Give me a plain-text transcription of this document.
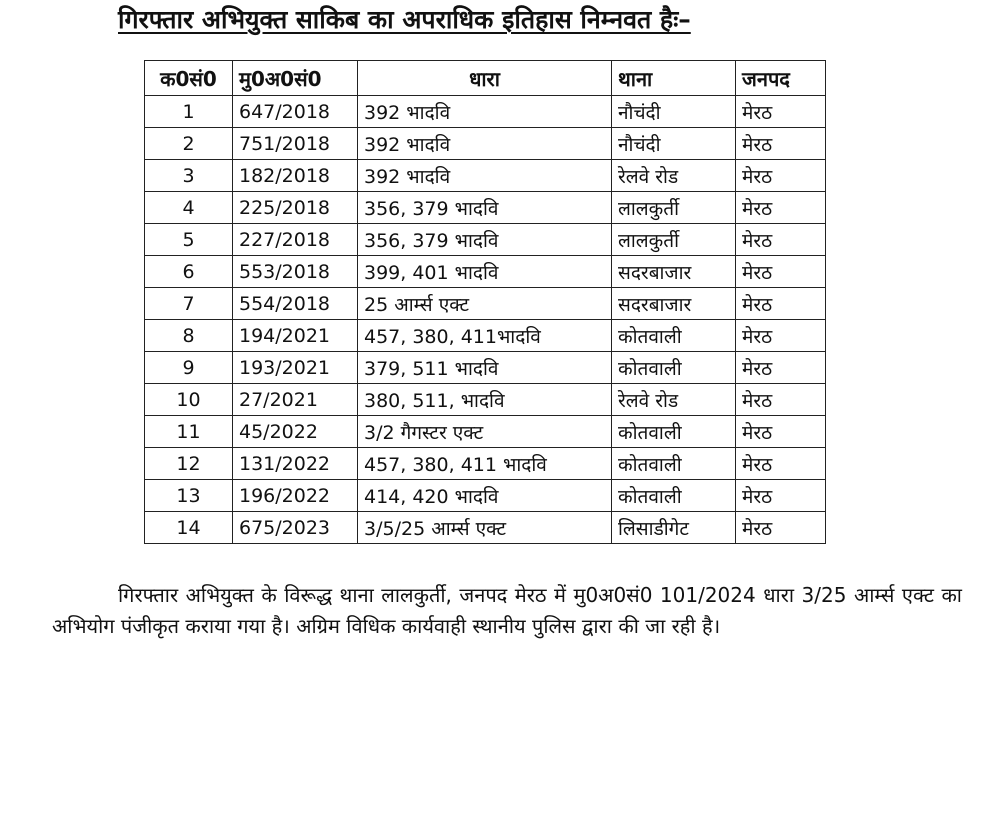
गिरफ्तार अभियुक्त साकिब का अपराधिक इतिहास निम्नवत हैः–
क0सं0	मु0अ0सं0	धारा	थाना	जनपद
1	647/2018	392 भादवि	नौचंदी	मेरठ
2	751/2018	392 भादवि	नौचंदी	मेरठ
3	182/2018	392 भादवि	रेलवे रोड	मेरठ
4	225/2018	356, 379 भादवि	लालकुर्ती	मेरठ
5	227/2018	356, 379 भादवि	लालकुर्ती	मेरठ
6	553/2018	399, 401 भादवि	सदरबाजार	मेरठ
7	554/2018	25 आर्म्स एक्ट	सदरबाजार	मेरठ
8	194/2021	457, 380, 411भादवि	कोतवाली	मेरठ
9	193/2021	379, 511 भादवि	कोतवाली	मेरठ
10	27/2021	380, 511, भादवि	रेलवे रोड	मेरठ
11	45/2022	3/2 गैगस्टर एक्ट	कोतवाली	मेरठ
12	131/2022	457, 380, 411 भादवि	कोतवाली	मेरठ
13	196/2022	414, 420 भादवि	कोतवाली	मेरठ
14	675/2023	3/5/25 आर्म्स एक्ट	लिसाडीगेट	मेरठ

गिरफ्तार अभियुक्त के विरूद्ध थाना लालकुर्ती, जनपद मेरठ में मु0अ0सं0 101/2024 धारा 3/25 आर्म्स एक्ट का अभियोग पंजीकृत कराया गया है। अग्रिम विधिक कार्यवाही स्थानीय पुलिस द्वारा की जा रही है।
